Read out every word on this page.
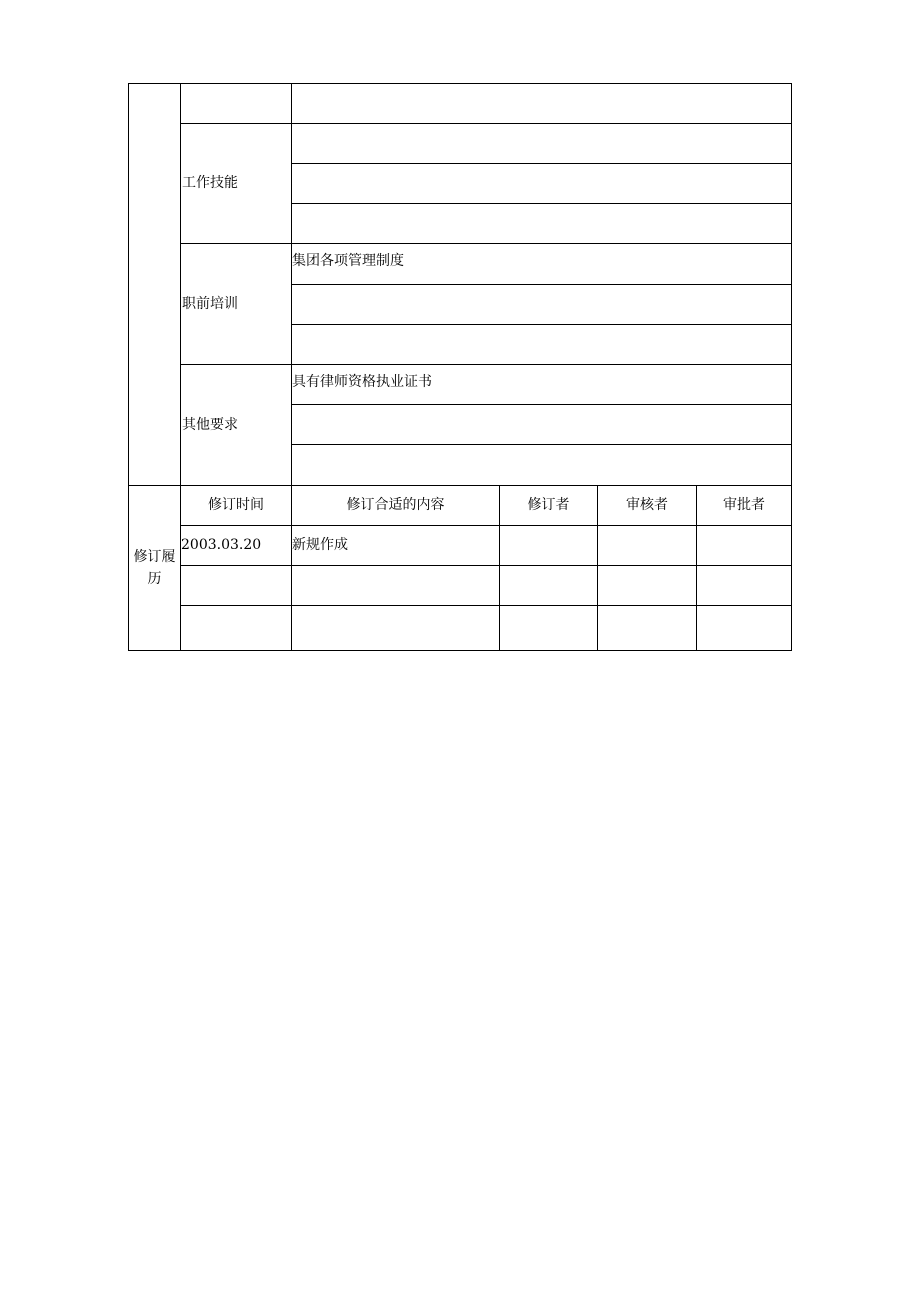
	工作技能				

	职前培训	集团各项管理制度			

	其他要求	具有律师资格执业证书			

修订履历	修订时间	修订合适的内容	修订者	审核者	审批者
	2003.03.20	新规作成			
